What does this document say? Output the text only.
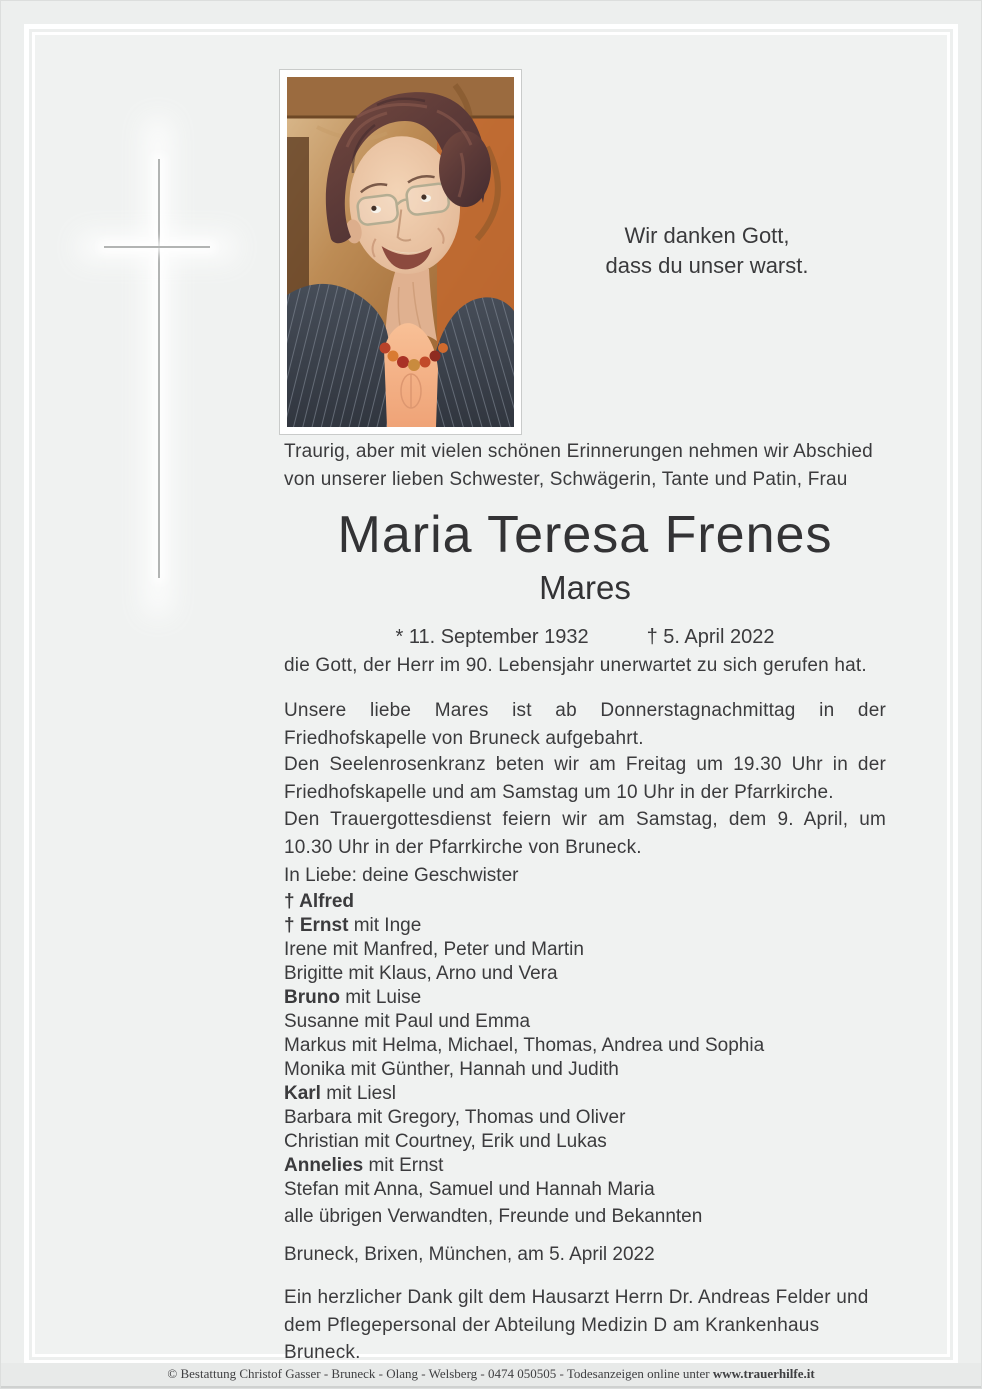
Wir danken Gott,
dass du unser warst.

Traurig, aber mit vielen schönen Erinnerungen nehmen wir Abschied von unserer lieben Schwester, Schwägerin, Tante und Patin, Frau

Maria Teresa Frenes
Mares
* 11. September 1932	† 5. April 2022

die Gott, der Herr im 90. Lebensjahr unerwartet zu sich gerufen hat.

Unsere liebe Mares ist ab Donnerstagnachmittag in der Friedhofskapelle von Bruneck aufgebahrt.

Den Seelenrosenkranz beten wir am Freitag um 19.30 Uhr in der Friedhofskapelle und am Samstag um 10 Uhr in der Pfarrkirche.

Den Trauergottesdienst feiern wir am Samstag, dem 9. April, um 10.30 Uhr in der Pfarrkirche von Bruneck.

In Liebe: deine Geschwister

† Alfred
† Ernst mit Inge
Irene mit Manfred, Peter und Martin
Brigitte mit Klaus, Arno und Vera
Bruno mit Luise
Susanne mit Paul und Emma
Markus mit Helma, Michael, Thomas, Andrea und Sophia
Monika mit Günther, Hannah und Judith
Karl mit Liesl
Barbara mit Gregory, Thomas und Oliver
Christian mit Courtney, Erik und Lukas
Annelies mit Ernst
Stefan mit Anna, Samuel und Hannah Maria

alle übrigen Verwandten, Freunde und Bekannten

Bruneck, Brixen, München, am 5. April 2022

Ein herzlicher Dank gilt dem Hausarzt Herrn Dr. Andreas Felder und dem Pflegepersonal der Abteilung Medizin D am Krankenhaus Bruneck.

© Bestattung Christof Gasser - Bruneck - Olang - Welsberg - 0474 050505 - Todesanzeigen online unter www.trauerhilfe.it
